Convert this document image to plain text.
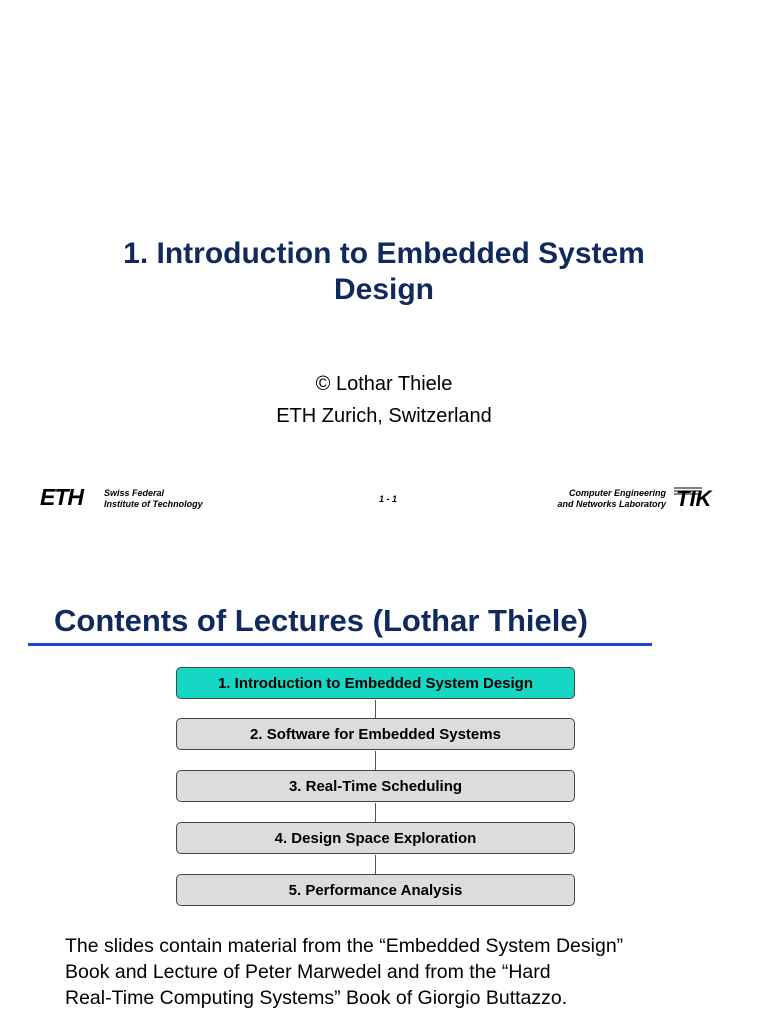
1. Introduction to Embedded System
Design
© Lothar Thiele
ETH Zurich, Switzerland
ETH Swiss Federal
Institute of Technology	1 - 1
Computer Engineering
and Networks Laboratory TIK
Contents of Lectures (Lothar Thiele)
1. Introduction to Embedded System Design
2. Software for Embedded Systems
3. Real-Time Scheduling
4. Design Space Exploration
5. Performance Analysis
The slides contain material from the “Embedded System Design”
Book and Lecture of Peter Marwedel and from the “Hard
Real-Time Computing Systems” Book of Giorgio Buttazzo.
